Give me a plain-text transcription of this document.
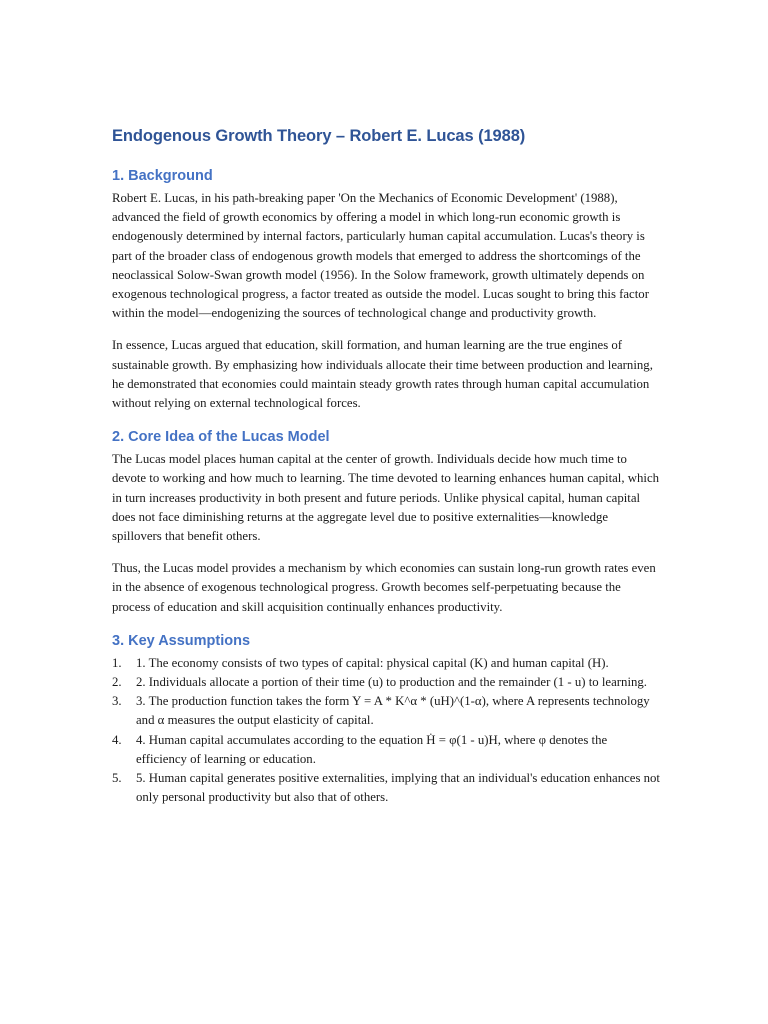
Endogenous Growth Theory – Robert E. Lucas (1988)
1. Background

Robert E. Lucas, in his path-breaking paper 'On the Mechanics of Economic Development' (1988), advanced the field of growth economics by offering a model in which long-run economic growth is endogenously determined by internal factors, particularly human capital accumulation. Lucas's theory is part of the broader class of endogenous growth models that emerged to address the shortcomings of the neoclassical Solow-Swan growth model (1956). In the Solow framework, growth ultimately depends on exogenous technological progress, a factor treated as outside the model. Lucas sought to bring this factor within the model—endogenizing the sources of technological change and productivity growth.

In essence, Lucas argued that education, skill formation, and human learning are the true engines of sustainable growth. By emphasizing how individuals allocate their time between production and learning, he demonstrated that economies could maintain steady growth rates through human capital accumulation without relying on external technological forces.

2. Core Idea of the Lucas Model

The Lucas model places human capital at the center of growth. Individuals decide how much time to devote to working and how much to learning. The time devoted to learning enhances human capital, which in turn increases productivity in both present and future periods. Unlike physical capital, human capital does not face diminishing returns at the aggregate level due to positive externalities—knowledge spillovers that benefit others.

Thus, the Lucas model provides a mechanism by which economies can sustain long-run growth rates even in the absence of exogenous technological progress. Growth becomes self-perpetuating because the process of education and skill acquisition continually enhances productivity.

3. Key Assumptions
1. 1. The economy consists of two types of capital: physical capital (K) and human capital (H).
2. 2. Individuals allocate a portion of their time (u) to production and the remainder (1 - u) to learning.
3. 3. The production function takes the form Y = A * K^α * (uH)^(1-α), where A represents technology and α measures the output elasticity of capital.
4. 4. Human capital accumulates according to the equation Ḣ = φ(1 - u)H, where φ denotes the efficiency of learning or education.
5. 5. Human capital generates positive externalities, implying that an individual's education enhances not only personal productivity but also that of others.
